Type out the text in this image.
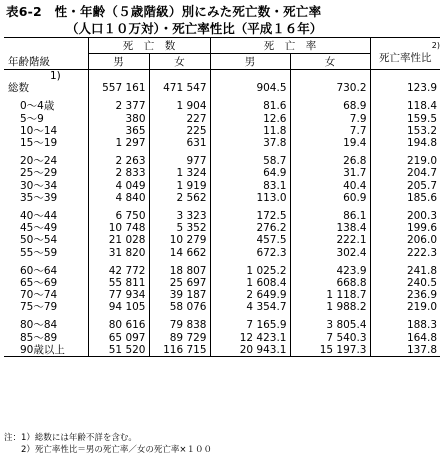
表6-2　性・年齢（５歳階級）別にみた死亡数・死亡率
（人口１０万対）・死亡率性比（平成１６年）
年齢階級	死　亡　数		死　亡　率		2)
死亡率性比
	男	女	男	女	
1)					
総数	557 161	471 547	904.5	730.2	123.9

0～4歳	2 377	1 904	81.6	68.9	118.4
5～9	380	227	12.6	7.9	159.5
10～14	365	225	11.8	7.7	153.2
15～19	1 297	631	37.8	19.4	194.8

20～24	2 263	977	58.7	26.8	219.0
25～29	2 833	1 324	64.9	31.7	204.7
30～34	4 049	1 919	83.1	40.4	205.7
35～39	4 840	2 562	113.0	60.9	185.6

40～44	6 750	3 323	172.5	86.1	200.3
45～49	10 748	5 352	276.2	138.4	199.6
50～54	21 028	10 279	457.5	222.1	206.0
55～59	31 820	14 662	672.3	302.4	222.3

60～64	42 772	18 807	1 025.2	423.9	241.8
65～69	55 811	25 697	1 608.4	668.8	240.5
70～74	77 934	39 187	2 649.9	1 118.7	236.9
75～79	94 105	58 076	4 354.7	1 988.2	219.0

80～84	80 616	79 838	7 165.9	3 805.4	188.3
85～89	65 097	89 729	12 423.1	7 540.3	164.8
90歳以上	51 520	116 715	20 943.1	15 197.3	137.8
注：1）総数には年齢不詳を含む。
　　2）死亡率性比＝男の死亡率／女の死亡率×１００
